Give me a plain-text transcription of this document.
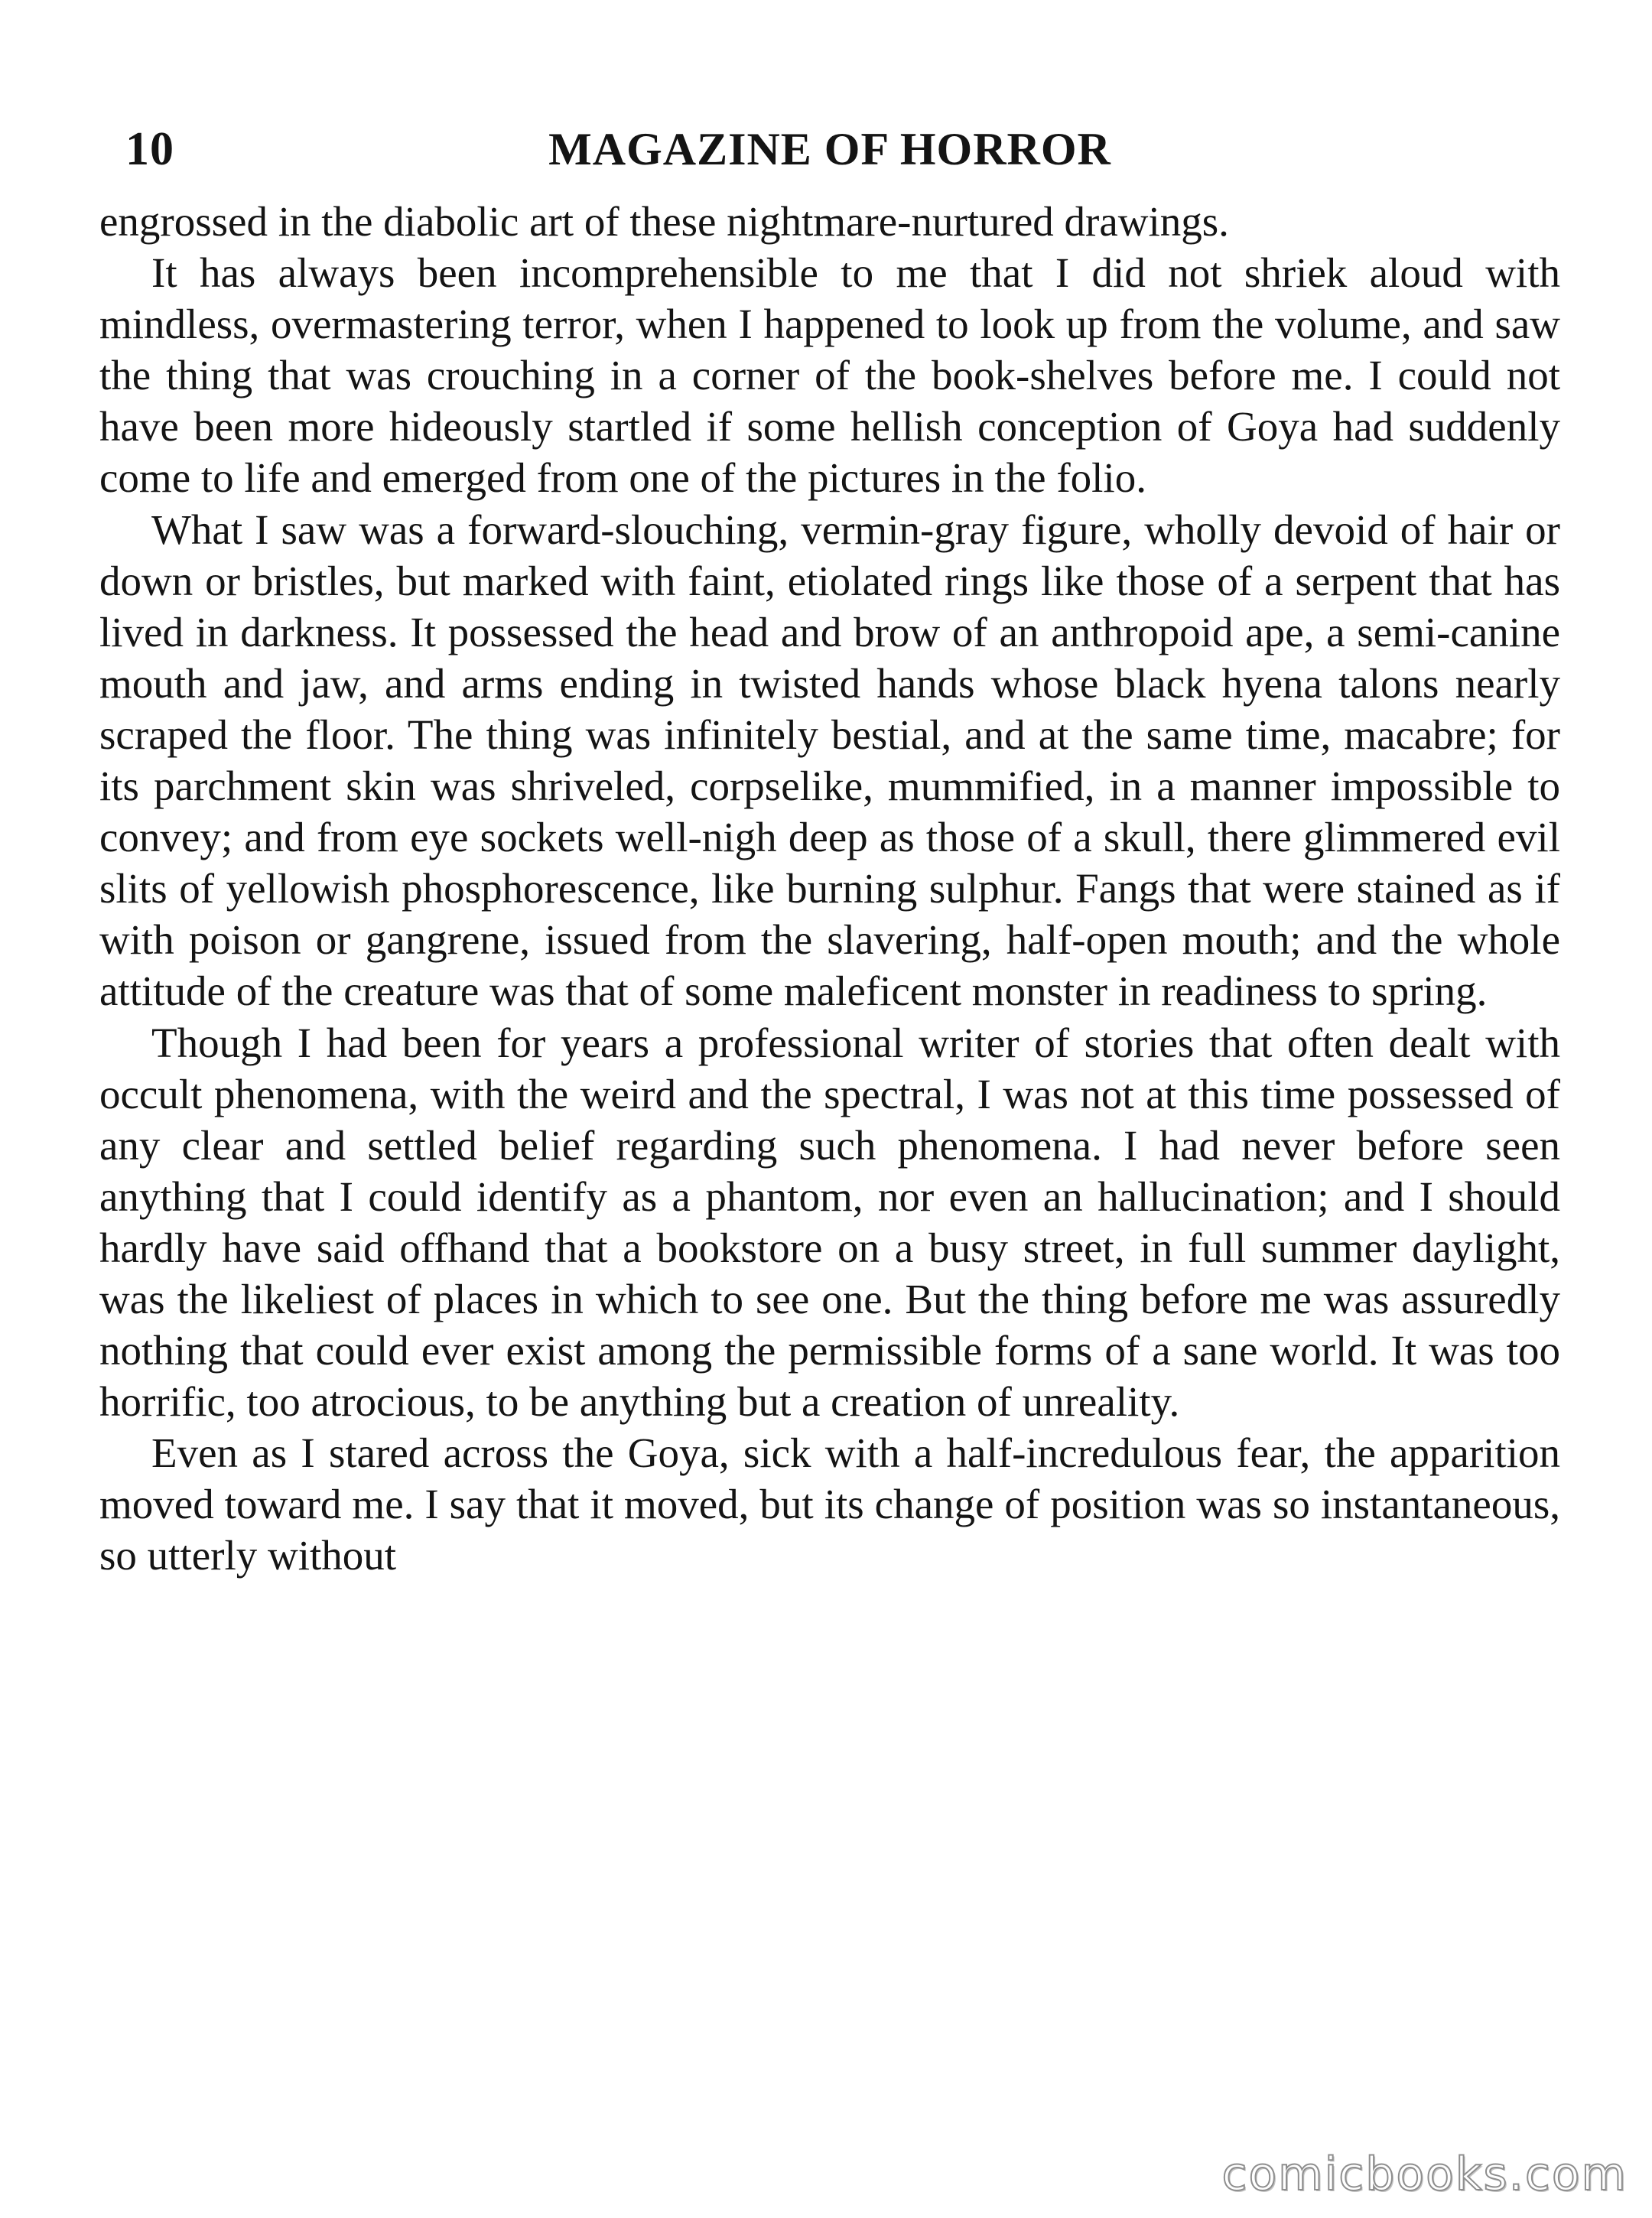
10	MAGAZINE OF HORROR

engrossed in the diabolic art of these nightmare-nurtured drawings.

It has always been incomprehensible to me that I did not shriek aloud with mindless, overmastering terror, when I happened to look up from the volume, and saw the thing that was crouching in a corner of the book-shelves before me. I could not have been more hideously startled if some hellish conception of Goya had suddenly come to life and emerged from one of the pictures in the folio.

What I saw was a forward-slouching, vermin-gray figure, wholly devoid of hair or down or bristles, but marked with faint, etiolated rings like those of a serpent that has lived in darkness. It possessed the head and brow of an anthropoid ape, a semi-canine mouth and jaw, and arms ending in twisted hands whose black hyena talons nearly scraped the floor. The thing was infinitely bestial, and at the same time, macabre; for its parchment skin was shriveled, corpselike, mummified, in a manner impossible to convey; and from eye sockets well-nigh deep as those of a skull, there glimmered evil slits of yellowish phosphorescence, like burning sulphur. Fangs that were stained as if with poison or gangrene, issued from the slavering, half-open mouth; and the whole attitude of the creature was that of some maleficent monster in readiness to spring.

Though I had been for years a professional writer of stories that often dealt with occult phenomena, with the weird and the spectral, I was not at this time possessed of any clear and settled belief regarding such phenomena. I had never before seen anything that I could identify as a phantom, nor even an hallucination; and I should hardly have said offhand that a bookstore on a busy street, in full summer daylight, was the likeliest of places in which to see one. But the thing before me was assuredly nothing that could ever exist among the permissible forms of a sane world. It was too horrific, too atrocious, to be anything but a creation of unreality.

Even as I stared across the Goya, sick with a half-incredulous fear, the apparition moved toward me. I say that it moved, but its change of position was so instantaneous, so utterly without

comicbooks.com
